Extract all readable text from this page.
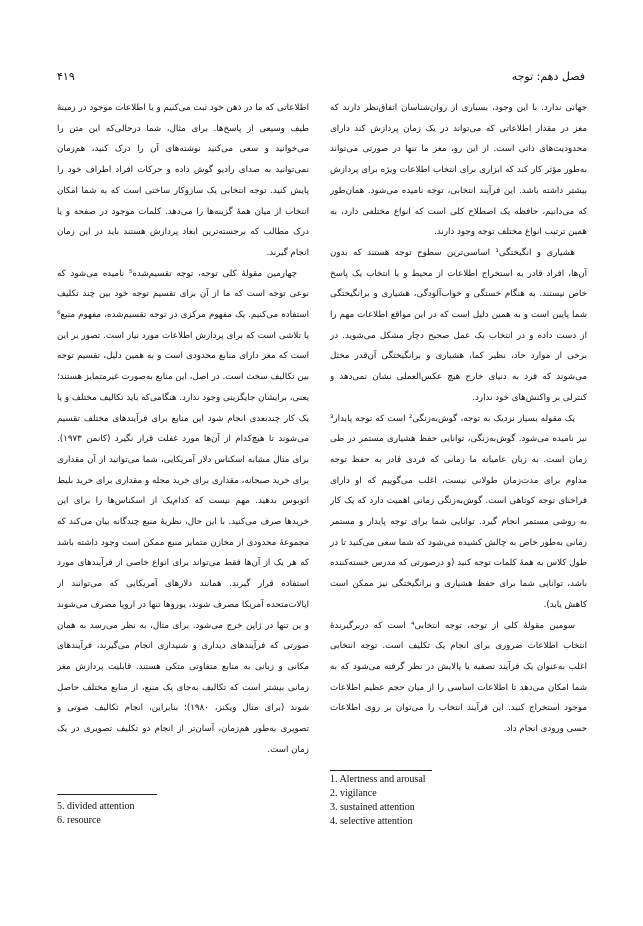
فصل دهم: توجه
۴۱۹

جهانی ندارد. با این وجود، بسیاری از روان‌شناسان اتفاق‌نظر دارند که مغز در مقدار اطلاعاتی که می‌تواند در یک زمان پردازش کند دارای محدودیت‌های ذاتی است. از این رو، مغز ما تنها در صورتی می‌تواند به‌طور مؤثر کار کند که ابزاری برای انتخاب اطلاعات ویژه برای پردازش بیشتر داشته باشد. این فرآیند انتخابی، توجه نامیده می‌شود. همان‌طور که می‌دانیم، حافظه یک اصطلاح کلی است که انواع مختلفی دارد، به همین ترتیب انواع مختلف توجه وجود دارند.

هشیاری و انگیختگی¹ اساسی‌ترین سطوح توجه هستند که بدون آن‌ها، افراد قادر به استخراج اطلاعات از محیط و یا انتخاب یک پاسخ خاص نیستند. به هنگام خستگی و خواب‌آلودگی، هشیاری و برانگیختگی شما پایین است و به همین دلیل است که در این مواقع اطلاعات مهم را از دست داده و در انتخاب یک عمل صحیح دچار مشکل می‌شوید. در برخی از موارد حاد، نظیر کما، هشیاری و برانگیختگی آن‌قدر مختل می‌شوند که فرد به دنیای خارج هیچ عکس‌العملی نشان نمی‌دهد و کنترلی بر واکنش‌های خود ندارد.

یک مقوله بسیار نزدیک به توجه، گوش‌به‌زنگی² است که توجه پایدار³ نیز نامیده می‌شود. گوش‌به‌زنگی، توانایی حفظ هشیاری مستمر در طی زمان است. به زبان عامیانه ما زمانی که فردی قادر به حفظ توجه مداوم برای مدت‌زمان طولانی نیست، اغلب می‌گوییم که او دارای فراخنای توجه کوتاهی است. گوش‌به‌زنگی زمانی اهمیت دارد که یک کار به روشی مستمر انجام گیرد. توانایی شما برای توجه پایدار و مستمر زمانی به‌طور خاص به چالش کشیده می‌شود که شما سعی می‌کنید تا در طول کلاس به همهٔ کلمات توجه کنید (و درصورتی که مدرس خسته‌کننده باشد، توانایی شما برای حفظ هشیاری و برانگیختگی نیز ممکن است کاهش یابد).

سومین مقولهٔ کلی از توجه، توجه انتخابی⁴ است که دربرگیرندهٔ انتخاب اطلاعات ضروری برای انجام یک تکلیف است. توجه انتخابی اغلب به‌عنوان یک فرآیند تصفیه یا پالایش در نظر گرفته می‌شود که به شما امکان می‌دهد تا اطلاعات اساسی را از میان حجم عظیم اطلاعات موجود استخراج کنید. این فرآیند انتخاب را می‌توان بر روی اطلاعات حسی ورودی انجام داد.

اطلاعاتی که ما در ذهن خود ثبت می‌کنیم و یا اطلاعات موجود در زمینهٔ طیف وسیعی از پاسخ‌ها. برای مثال، شما درحالی‌که این متن را می‌خوانید و سعی می‌کنید نوشته‌های آن را درک کنید، هم‌زمان نمی‌توانید به صدای رادیو گوش داده و حرکات افراد اطراف خود را پایش کنید. توجه انتخابی یک سازوکار ساختی است که به شما امکان انتخاب از میان همهٔ گزینه‌ها را می‌دهد. کلمات موجود در صفحه و یا درک مطالب که برجسته‌ترین ابعاد پردازش هستند باید در این زمان انجام گیرند.

چهارمین مقولهٔ کلی توجه، توجه تقسیم‌شده⁵ نامیده می‌شود که نوعی توجه است که ما از آن برای تقسیم توجه خود بین چند تکلیف استفاده می‌کنیم. یک مفهوم مرکزی در توجه تقسیم‌شده، مفهوم منبع⁶ یا تلاشی است که برای پردازش اطلاعات مورد نیاز است. تصور بر این است که مغز دارای منابع محدودی است و به همین دلیل، تقسیم توجه بین تکالیف سخت است. در اصل، این منابع به‌صورت غیرمتمایز هستند؛ یعنی، برایشان جایگزینی وجود ندارد. هنگامی‌که باید تکالیف مختلف و یا یک کار چندبعدی انجام شود این منابع برای فرآیندهای مختلف تقسیم می‌شوند تا هیچ‌کدام از آن‌ها مورد غفلت قرار نگیرد (کانمن ۱۹۷۳). برای مثال مشابه اسکناس دلار آمریکایی، شما می‌توانید از آن مقداری برای خرید صبحانه، مقداری برای خرید مجله و مقداری برای خرید بلیط اتوبوس بدهید. مهم نیست که کدام‌یک از اسکناس‌ها را برای این خریدها صرف می‌کنید. با این حال، نظریهٔ منبع چندگانه بیان می‌کند که مجموعهٔ محدودی از مخازن متمایز منبع ممکن است وجود داشته باشد که هر یک از آن‌ها فقط می‌تواند برای انواع خاصی از فرآیندهای مورد استفاده قرار گیرند. همانند دلارهای آمریکایی که می‌توانند از ایالات‌متحده آمریکا مصرف شوند، یوروها تنها در اروپا مصرف می‌شوند و ین تنها در ژاپن خرج می‌شود. برای مثال، به نظر می‌رسد به همان صورتی که فرآیندهای دیداری و شنیداری انجام می‌گیرند، فرآیندهای مکانی و زبانی به منابع متفاوتی متکی هستند. قابلیت پردازش مغز زمانی بیشتر است که تکالیف به‌جای یک منبع، از منابع مختلف حاصل شوند (برای مثال ویکنز، ۱۹۸۰)؛ بنابراین، انجام تکالیف صوتی و تصویری به‌طور هم‌زمان، آسان‌تر از انجام دو تکلیف تصویری در یک زمان است.

1. Alertness and arousal
2. vigilance
3. sustained attention
4. selective attention
5. divided attention
6. resource
